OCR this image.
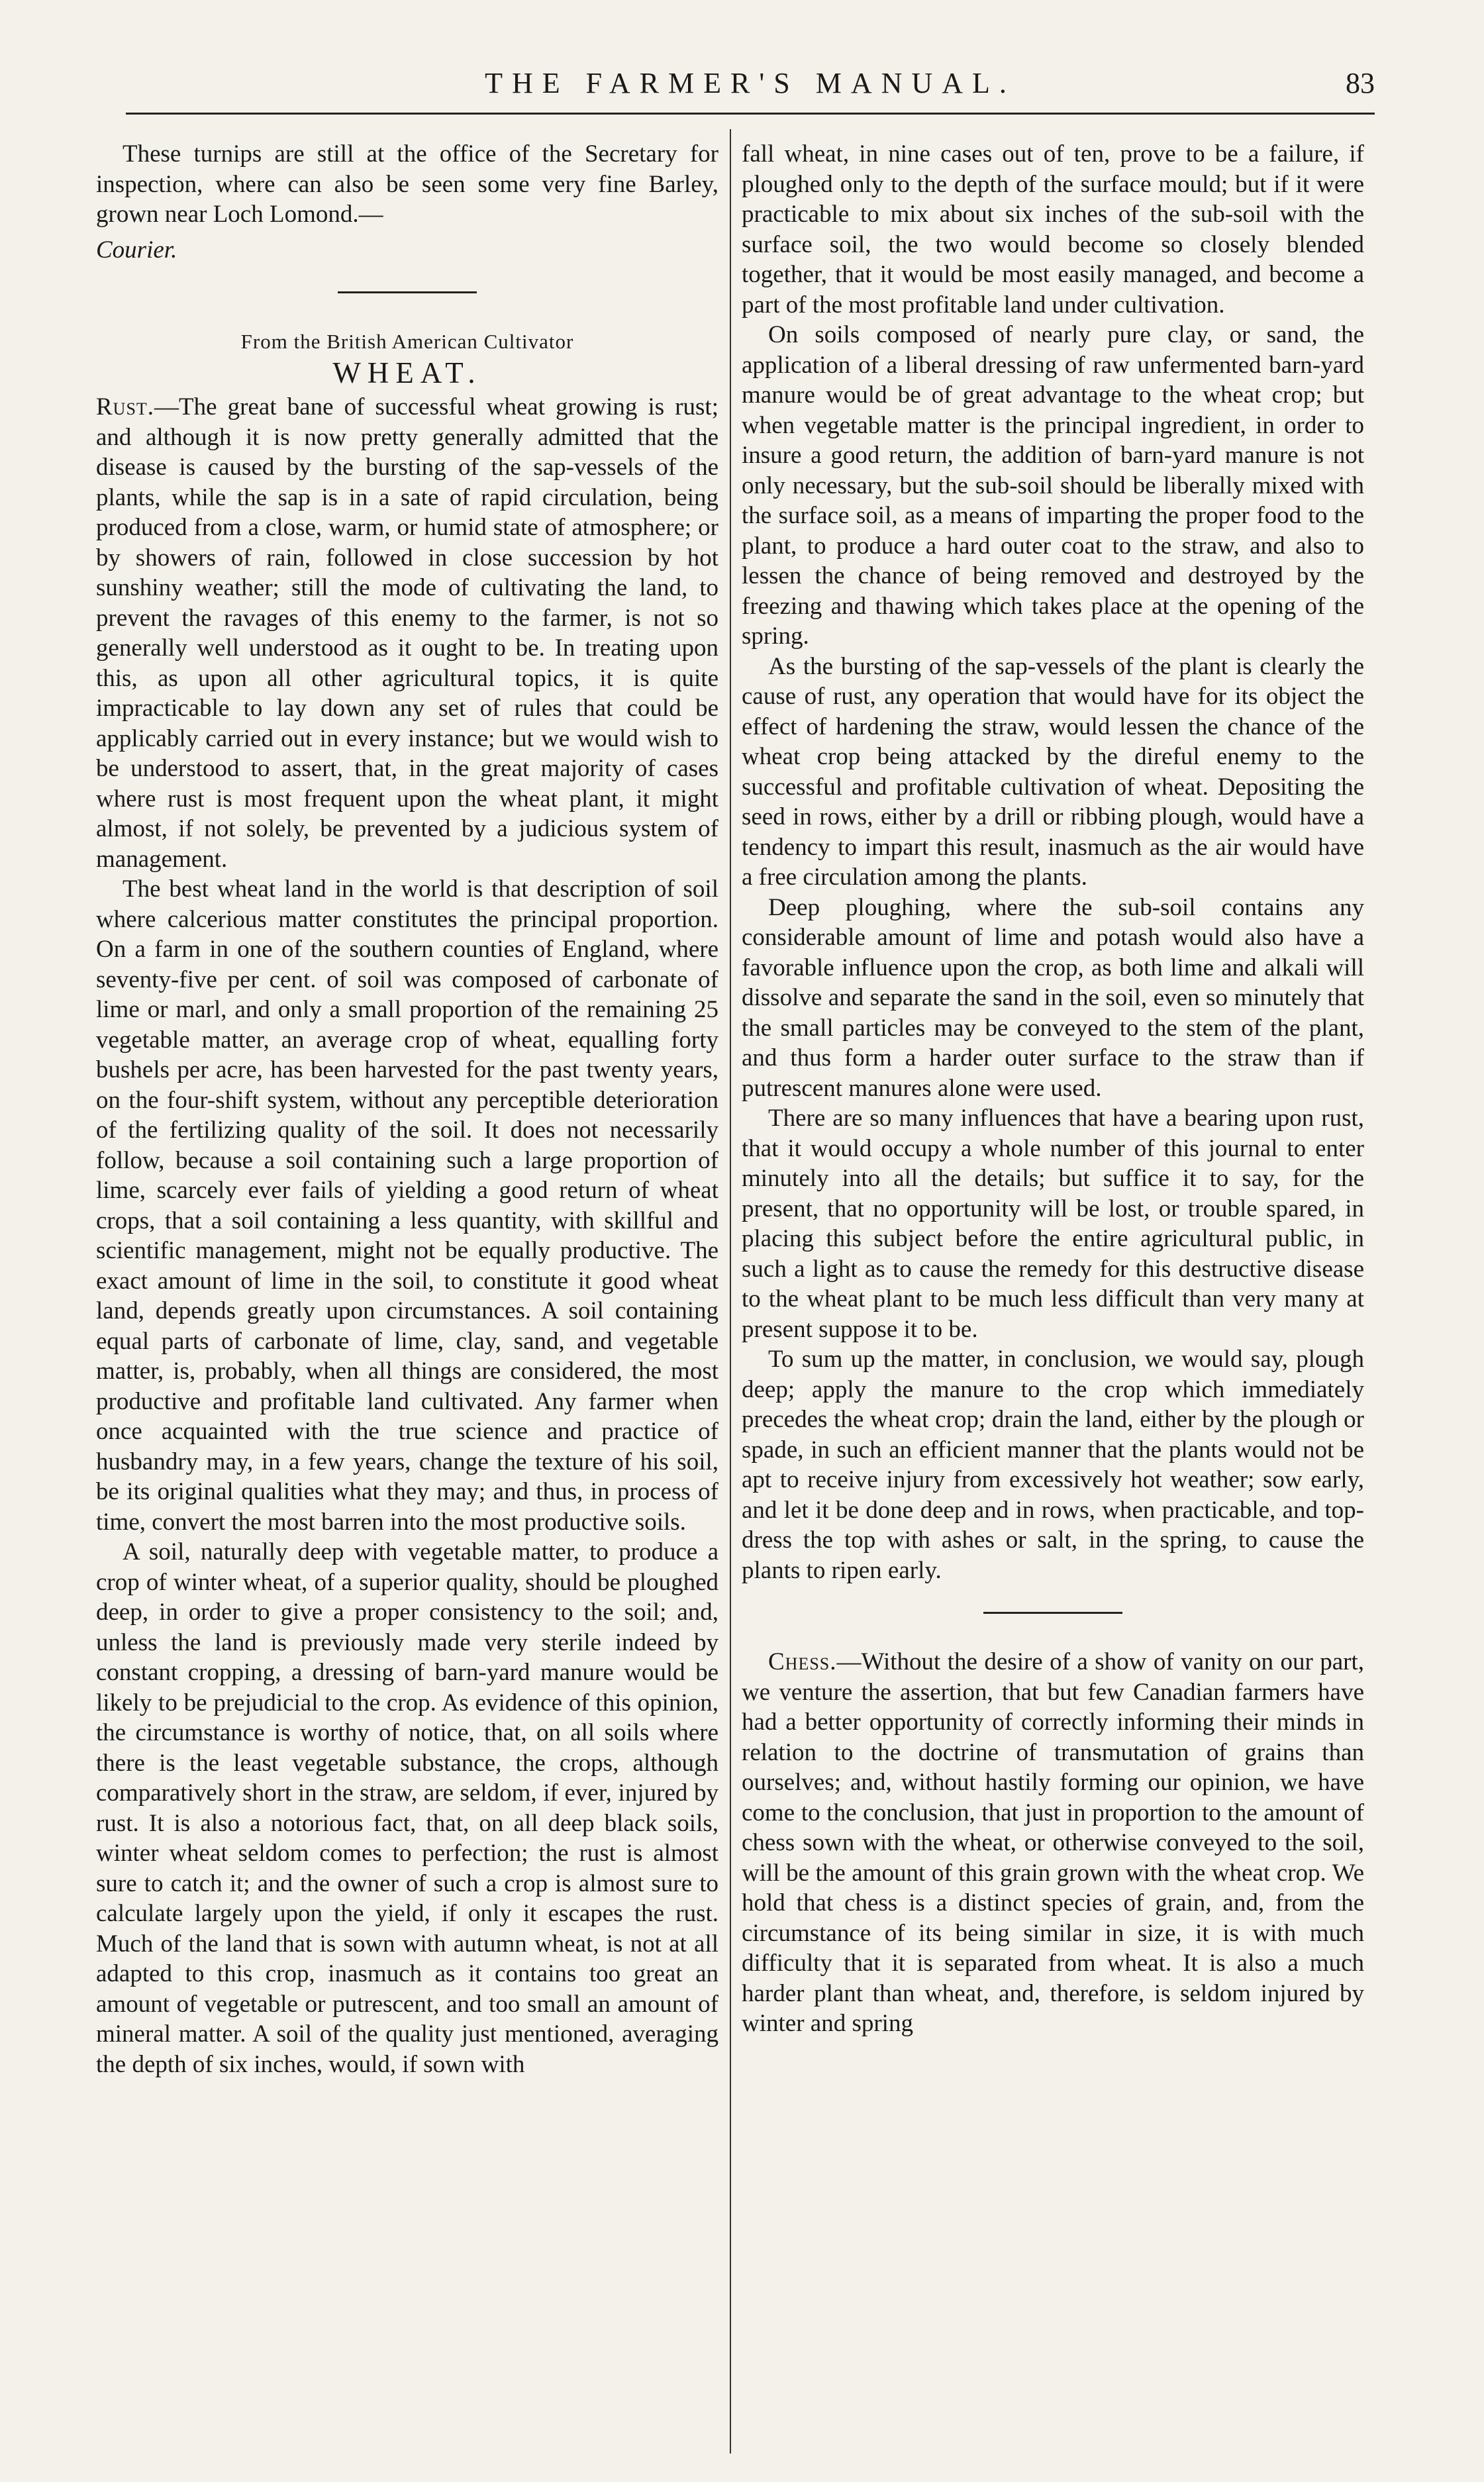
THE FARMER'S MANUAL.	83

These turnips are still at the office of the Secretary for inspection, where can also be seen some very fine Barley, grown near Loch Lomond.—

Courier.

From the British American Cultivator

WHEAT.

Rust.—The great bane of successful wheat growing is rust; and although it is now pretty generally admitted that the disease is caused by the bursting of the sap-vessels of the plants, while the sap is in a sate of rapid circulation, being produced from a close, warm, or humid state of atmosphere; or by showers of rain, followed in close succession by hot sunshiny weather; still the mode of cultivating the land, to prevent the ravages of this enemy to the farmer, is not so generally well understood as it ought to be. In treating upon this, as upon all other agricultural topics, it is quite impracticable to lay down any set of rules that could be applicably carried out in every instance; but we would wish to be understood to assert, that, in the great majority of cases where rust is most frequent upon the wheat plant, it might almost, if not solely, be prevented by a judicious system of management.

The best wheat land in the world is that description of soil where calcerious matter constitutes the principal proportion. On a farm in one of the southern counties of England, where seventy-five per cent. of soil was composed of carbonate of lime or marl, and only a small proportion of the remaining 25 vegetable matter, an average crop of wheat, equalling forty bushels per acre, has been harvested for the past twenty years, on the four-shift system, without any perceptible deterioration of the fertilizing quality of the soil. It does not necessarily follow, because a soil containing such a large proportion of lime, scarcely ever fails of yielding a good return of wheat crops, that a soil containing a less quantity, with skillful and scientific management, might not be equally productive. The exact amount of lime in the soil, to constitute it good wheat land, depends greatly upon circumstances. A soil containing equal parts of carbonate of lime, clay, sand, and vegetable matter, is, probably, when all things are considered, the most productive and profitable land cultivated. Any farmer when once acquainted with the true science and practice of husbandry may, in a few years, change the texture of his soil, be its original qualities what they may; and thus, in process of time, convert the most barren into the most productive soils.

A soil, naturally deep with vegetable matter, to produce a crop of winter wheat, of a superior quality, should be ploughed deep, in order to give a proper consistency to the soil; and, unless the land is previously made very sterile indeed by constant cropping, a dressing of barn-yard manure would be likely to be prejudicial to the crop. As evidence of this opinion, the circumstance is worthy of notice, that, on all soils where there is the least vegetable substance, the crops, although comparatively short in the straw, are seldom, if ever, injured by rust. It is also a notorious fact, that, on all deep black soils, winter wheat seldom comes to perfection; the rust is almost sure to catch it; and the owner of such a crop is almost sure to calculate largely upon the yield, if only it escapes the rust. Much of the land that is sown with autumn wheat, is not at all adapted to this crop, inasmuch as it contains too great an amount of vegetable or putrescent, and too small an amount of mineral matter. A soil of the quality just mentioned, averaging the depth of six inches, would, if sown with

fall wheat, in nine cases out of ten, prove to be a failure, if ploughed only to the depth of the surface mould; but if it were practicable to mix about six inches of the sub-soil with the surface soil, the two would become so closely blended together, that it would be most easily managed, and become a part of the most profitable land under cultivation.

On soils composed of nearly pure clay, or sand, the application of a liberal dressing of raw unfermented barn-yard manure would be of great advantage to the wheat crop; but when vegetable matter is the principal ingredient, in order to insure a good return, the addition of barn-yard manure is not only necessary, but the sub-soil should be liberally mixed with the surface soil, as a means of imparting the proper food to the plant, to produce a hard outer coat to the straw, and also to lessen the chance of being removed and destroyed by the freezing and thawing which takes place at the opening of the spring.

As the bursting of the sap-vessels of the plant is clearly the cause of rust, any operation that would have for its object the effect of hardening the straw, would lessen the chance of the wheat crop being attacked by the direful enemy to the successful and profitable cultivation of wheat. Depositing the seed in rows, either by a drill or ribbing plough, would have a tendency to impart this result, inasmuch as the air would have a free circulation among the plants.

Deep ploughing, where the sub-soil contains any considerable amount of lime and potash would also have a favorable influence upon the crop, as both lime and alkali will dissolve and separate the sand in the soil, even so minutely that the small particles may be conveyed to the stem of the plant, and thus form a harder outer surface to the straw than if putrescent manures alone were used.

There are so many influences that have a bearing upon rust, that it would occupy a whole number of this journal to enter minutely into all the details; but suffice it to say, for the present, that no opportunity will be lost, or trouble spared, in placing this subject before the entire agricultural public, in such a light as to cause the remedy for this destructive disease to the wheat plant to be much less difficult than very many at present suppose it to be.

To sum up the matter, in conclusion, we would say, plough deep; apply the manure to the crop which immediately precedes the wheat crop; drain the land, either by the plough or spade, in such an efficient manner that the plants would not be apt to receive injury from excessively hot weather; sow early, and let it be done deep and in rows, when practicable, and top-dress the top with ashes or salt, in the spring, to cause the plants to ripen early.

Chess.—Without the desire of a show of vanity on our part, we venture the assertion, that but few Canadian farmers have had a better opportunity of correctly informing their minds in relation to the doctrine of transmutation of grains than ourselves; and, without hastily forming our opinion, we have come to the conclusion, that just in proportion to the amount of chess sown with the wheat, or otherwise conveyed to the soil, will be the amount of this grain grown with the wheat crop. We hold that chess is a distinct species of grain, and, from the circumstance of its being similar in size, it is with much difficulty that it is separated from wheat. It is also a much harder plant than wheat, and, therefore, is seldom injured by winter and spring
